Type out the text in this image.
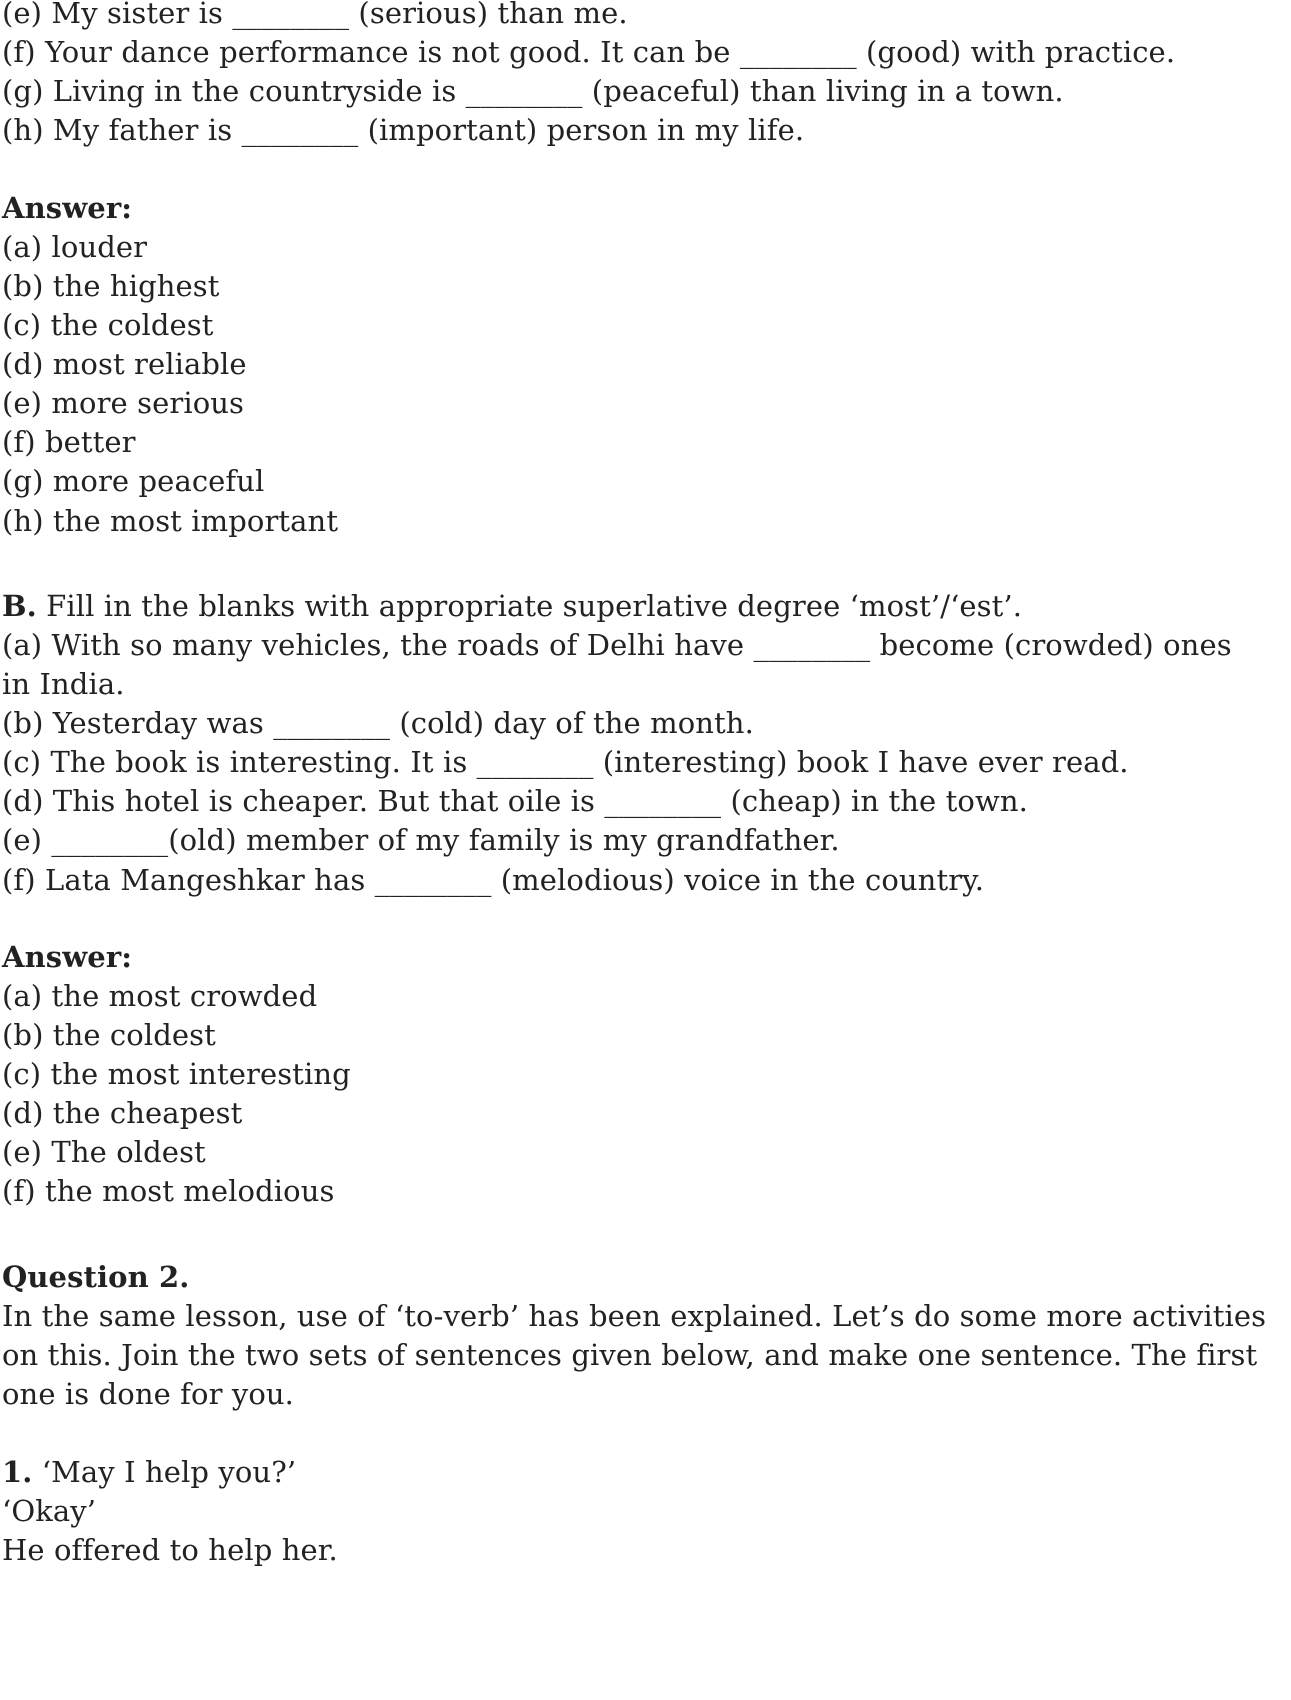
(e) My sister is ________ (serious) than me.
(f) Your dance performance is not good. It can be ________ (good) with practice.
(g) Living in the countryside is ________ (peaceful) than living in a town.
(h) My father is ________ (important) person in my life.
Answer:
(a) louder
(b) the highest
(c) the coldest
(d) most reliable
(e) more serious
(f) better
(g) more peaceful
(h) the most important
B. Fill in the blanks with appropriate superlative degree ‘most’/‘est’.
(a) With so many vehicles, the roads of Delhi have ________ become (crowded) ones
in India.
(b) Yesterday was ________ (cold) day of the month.
(c) The book is interesting. It is ________ (interesting) book I have ever read.
(d) This hotel is cheaper. But that oile is ________ (cheap) in the town.
(e) ________(old) member of my family is my grandfather.
(f) Lata Mangeshkar has ________ (melodious) voice in the country.
Answer:
(a) the most crowded
(b) the coldest
(c) the most interesting
(d) the cheapest
(e) The oldest
(f) the most melodious
Question 2.
In the same lesson, use of ‘to-verb’ has been explained. Let’s do some more activities
on this. Join the two sets of sentences given below, and make one sentence. The first
one is done for you.
1. ‘May I help you?’
‘Okay’
He offered to help her.
